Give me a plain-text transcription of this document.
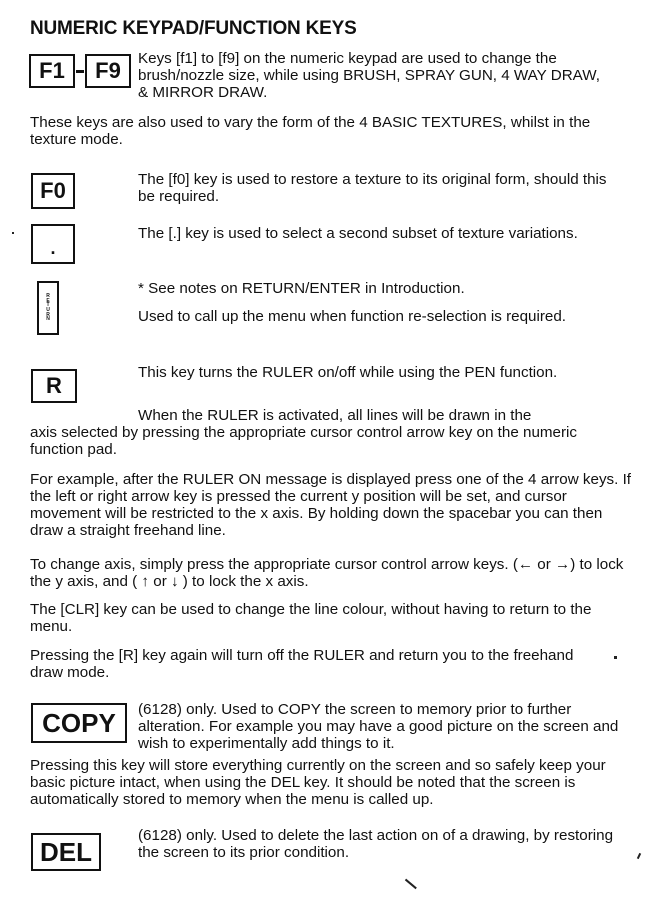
NUMERIC KEYPAD/FUNCTION KEYS
F1 F9 Keys [f1] to [f9] on the numeric keypad are used to change the brush/nozzle size, while using BRUSH, SPRAY GUN, 4 WAY DRAW, & MIRROR DRAW.

These keys are also used to vary the form of the 4 BASIC TEXTURES, whilst in the texture mode.

F0	The [f0] key is used to restore a texture to its original form, should this be required.

.

The [.] key is used to select a second subset of texture variations.

R
E
T
U
R
N

* See notes on RETURN/ENTER in Introduction.

Used to call up the menu when function re-selection is required.

R

This key turns the RULER on/off while using the PEN function.

When the RULER is activated, all lines will be drawn in the

axis selected by pressing the appropriate cursor control arrow key on the numeric function pad.

For example, after the RULER ON message is displayed press one of the 4 arrow keys. If the left or right arrow key is pressed the current y position will be set, and cursor movement will be restricted to the x axis. By holding down the spacebar you can then draw a straight freehand line.

To change axis, simply press the appropriate cursor control arrow keys. (← or →) to lock the y axis, and ( ↑ or ↓ ) to lock the x axis.

The [CLR] key can be used to change the line colour, without having to return to the menu.

Pressing the [R] key again will turn off the RULER and return you to the freehand draw mode.

COPY (6128) only. Used to COPY the screen to memory prior to further alteration. For example you may have a good picture on the screen and wish to experimentally add things to it.

Pressing this key will store everything currently on the screen and so safely keep your basic picture intact, when using the DEL key. It should be noted that the screen is automatically stored to memory when the menu is called up.

DEL

(6128) only. Used to delete the last action on of a drawing, by restoring the screen to its prior condition.
